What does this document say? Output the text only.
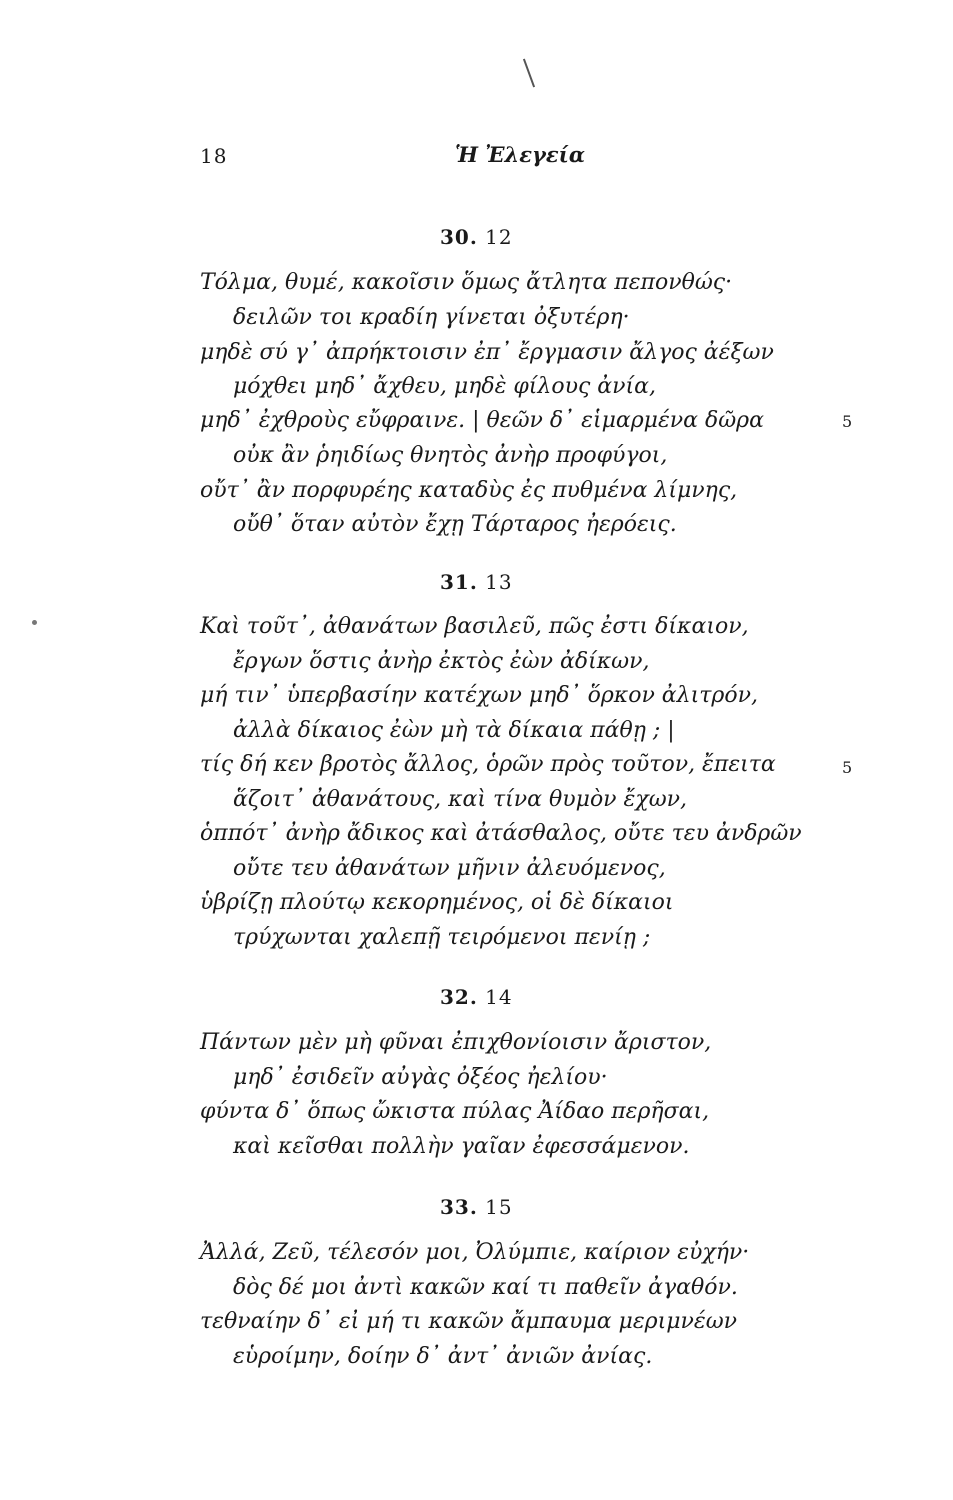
18	Ἡ Ἐλεγεία
30. 12
Τόλμα, θυμέ, κακοῖσιν ὅμως ἄτλητα πεπονθώς·
δειλῶν τοι κραδίη γίνεται ὀξυτέρη·
μηδὲ σύ γ᾽ ἀπρήκτοισιν ἐπ᾽ ἔργμασιν ἄλγος ἀέξων
μόχθει μηδ᾽ ἄχθευ, μηδὲ φίλους ἀνία,
μηδ᾽ ἐχθροὺς εὔφραινε. | θεῶν δ᾽ εἱμαρμένα δῶρα	5
οὐκ ἂν ῥηιδίως θνητὸς ἀνὴρ προφύγοι,
οὔτ᾽ ἂν πορφυρέης καταδὺς ἐς πυθμένα λίμνης,
οὔθ᾽ ὅταν αὐτὸν ἔχῃ Τάρταρος ἠερόεις.
31. 13
Καὶ τοῦτ᾽, ἀθανάτων βασιλεῦ, πῶς ἐστι δίκαιον,
ἔργων ὅστις ἀνὴρ ἐκτὸς ἐὼν ἀδίκων,
μή τιν᾽ ὑπερβασίην κατέχων μηδ᾽ ὅρκον ἀλιτρόν,
ἀλλὰ δίκαιος ἐὼν μὴ τὰ δίκαια πάθῃ ; |
τίς δή κεν βροτὸς ἄλλος, ὁρῶν πρὸς τοῦτον, ἔπειτα	5
ἅζοιτ᾽ ἀθανάτους, καὶ τίνα θυμὸν ἔχων,
ὁππότ᾽ ἀνὴρ ἄδικος καὶ ἀτάσθαλος, οὔτε τευ ἀνδρῶν
οὔτε τευ ἀθανάτων μῆνιν ἀλευόμενος,
ὑβρίζῃ πλούτῳ κεκορημένος, οἱ δὲ δίκαιοι
τρύχωνται χαλεπῇ τειρόμενοι πενίῃ ;
32. 14
Πάντων μὲν μὴ φῦναι ἐπιχθονίοισιν ἄριστον,
μηδ᾽ ἐσιδεῖν αὐγὰς ὀξέος ἠελίου·
φύντα δ᾽ ὅπως ὤκιστα πύλας Ἀίδαο περῆσαι,
καὶ κεῖσθαι πολλὴν γαῖαν ἐφεσσάμενον.
33. 15
Ἀλλά, Ζεῦ, τέλεσόν μοι, Ὀλύμπιε, καίριον εὐχήν·
δὸς δέ μοι ἀντὶ κακῶν καί τι παθεῖν ἀγαθόν.
τεθναίην δ᾽ εἰ μή τι κακῶν ἄμπαυμα μεριμνέων
εὑροίμην, δοίην δ᾽ ἀντ᾽ ἀνιῶν ἀνίας.
